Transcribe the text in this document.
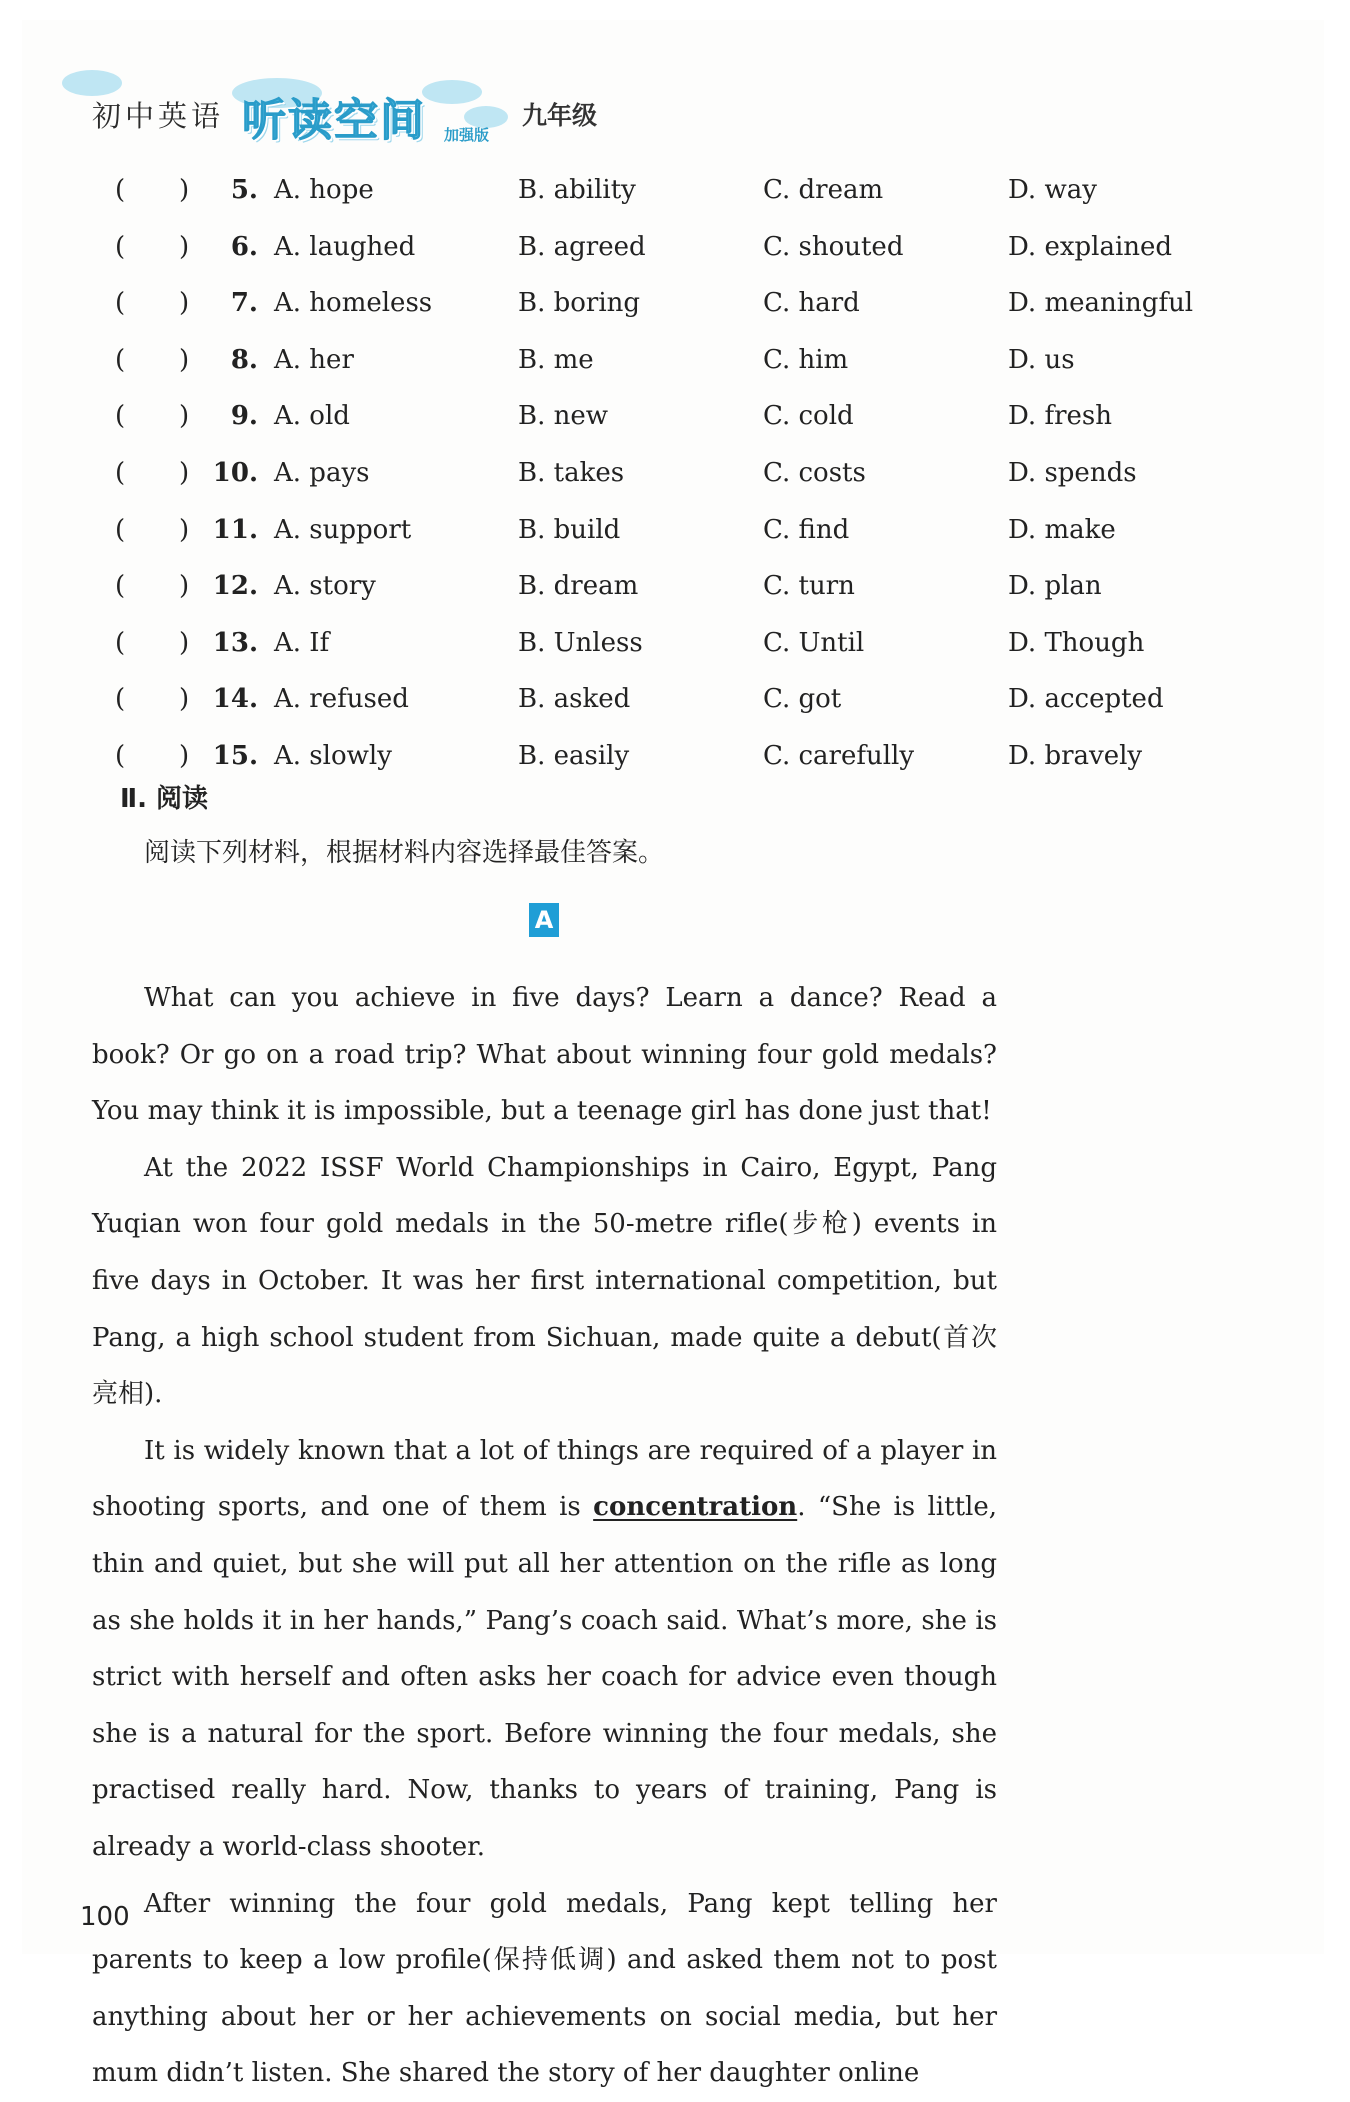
初中英语 听读空间 加强版
九年级
( )	5. A. hope	B. ability	C. dream	D. way
( )	6. A. laughed	B. agreed	C. shouted	D. explained
( )	7. A. homeless	B. boring	C. hard	D. meaningful
( )	8. A. her	B. me	C. him	D. us
( )	9. A. old	B. new	C. cold	D. fresh
( ) 10. A. pays	B. takes	C. costs	D. spends
( ) 11. A. support	B. build	C. find	D. make
( ) 12. A. story	B. dream	C. turn	D. plan
( ) 13. A. If	B. Unless	C. Until	D. Though
( ) 14. A. refused	B. asked	C. got	D. accepted
( ) 15. A. slowly	B. easily	C. carefully	D. bravely
Ⅱ. 阅读
阅读下列材料，根据材料内容选择最佳答案。
A

What can you achieve in five days? Learn a dance? Read a book? Or go on a road trip? What about winning four gold medals? You may think it is impossible, but a teenage girl has done just that!

At the 2022 ISSF World Championships in Cairo, Egypt, Pang Yuqian won four gold medals in the 50-metre rifle(步枪) events in five days in October. It was her first international competition, but Pang, a high school student from Sichuan, made quite a debut(首次亮相).

It is widely known that a lot of things are required of a player in shooting sports, and one of them is concentration. “She is little, thin and quiet, but she will put all her attention on the rifle as long as she holds it in her hands,” Pang’s coach said. What’s more, she is strict with herself and often asks her coach for advice even though she is a natural for the sport. Before winning the four medals, she practised really hard. Now, thanks to years of training, Pang is already a world-class shooter.

After winning the four gold medals, Pang kept telling her parents to keep a low profile(保持低调) and asked them not to post anything about her or her achievements on social media, but her mum didn’t listen. She shared the story of her daughter online

100
